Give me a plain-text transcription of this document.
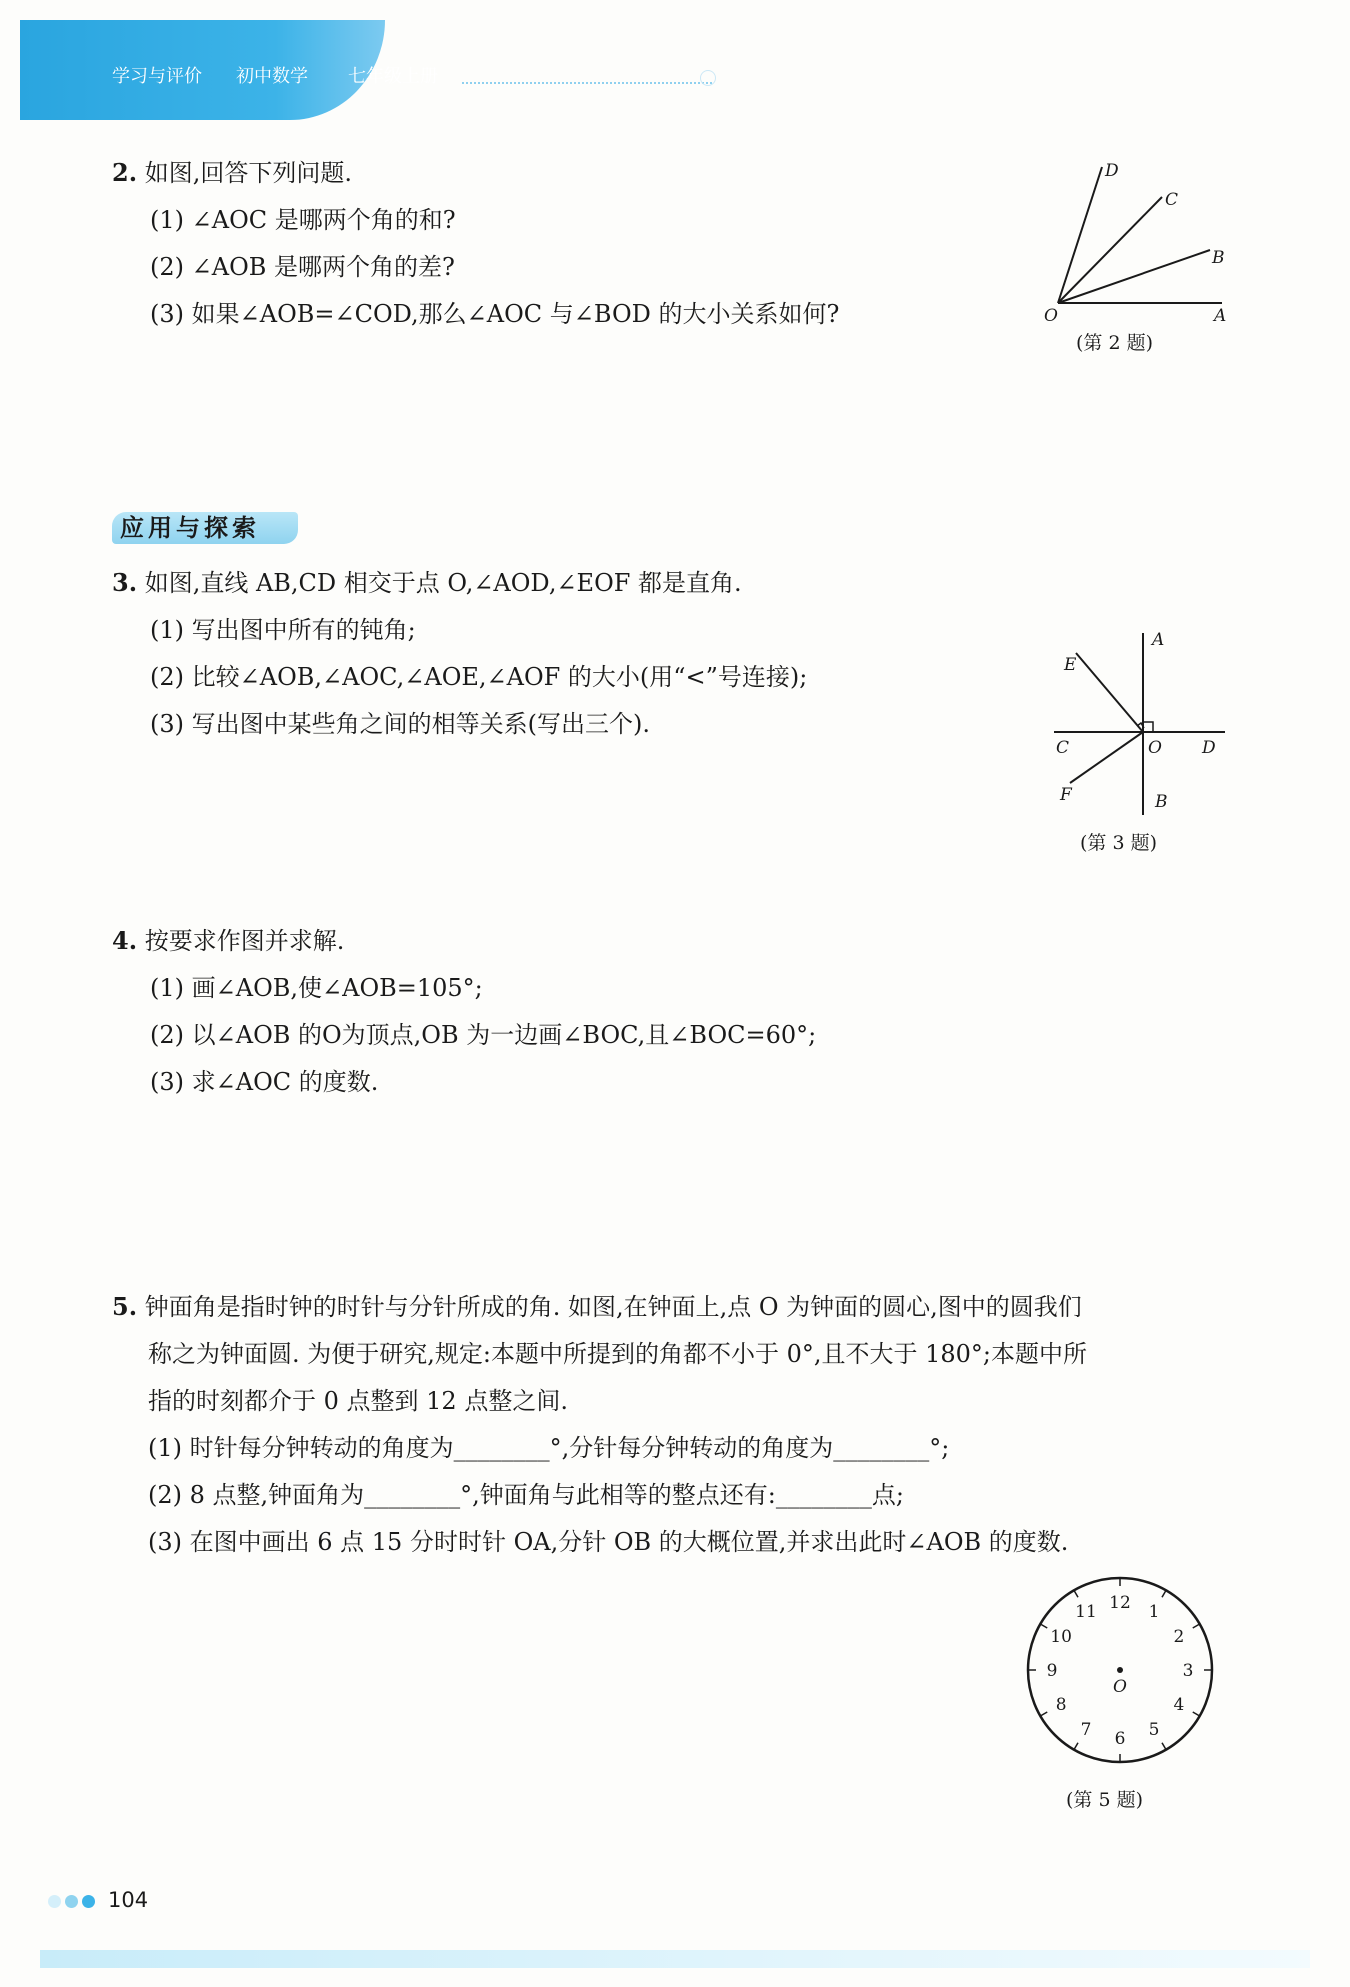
学习与评价 初中数学 七年级上册
2. 如图,回答下列问题.
(1) ∠AOC 是哪两个角的和?
(2) ∠AOB 是哪两个角的差?
(3) 如果∠AOB=∠COD,那么∠AOC 与∠BOD 的大小关系如何?
D
C
B
O	A
(第 2 题)
应用与探索
3. 如图,直线 AB,CD 相交于点 O,∠AOD,∠EOF 都是直角.
(1) 写出图中所有的钝角;
(2) 比较∠AOB,∠AOC,∠AOE,∠AOF 的大小(用“<”号连接);
(3) 写出图中某些角之间的相等关系(写出三个).
A
E
C	O D
F	B
(第 3 题)
4. 按要求作图并求解.
(1) 画∠AOB,使∠AOB=105°;
(2) 以∠AOB 的O为顶点,OB 为一边画∠BOC,且∠BOC=60°;
(3) 求∠AOC 的度数.
5. 钟面角是指时钟的时针与分针所成的角. 如图,在钟面上,点 O 为钟面的圆心,图中的圆我们
称之为钟面圆. 为便于研究,规定:本题中所提到的角都不小于 0°,且不大于 180°;本题中所
指的时刻都介于 0 点整到 12 点整之间.
(1) 时针每分钟转动的角度为________°,分针每分钟转动的角度为________°;
(2) 8 点整,钟面角为________°,钟面角与此相等的整点还有:________点;
(3) 在图中画出 6 点 15 分时时针 OA,分针 OB 的大概位置,并求出此时∠AOB 的度数.
12 1
2
3
4
5
6
7
8
9
10
11
O
(第 5 题)
104
